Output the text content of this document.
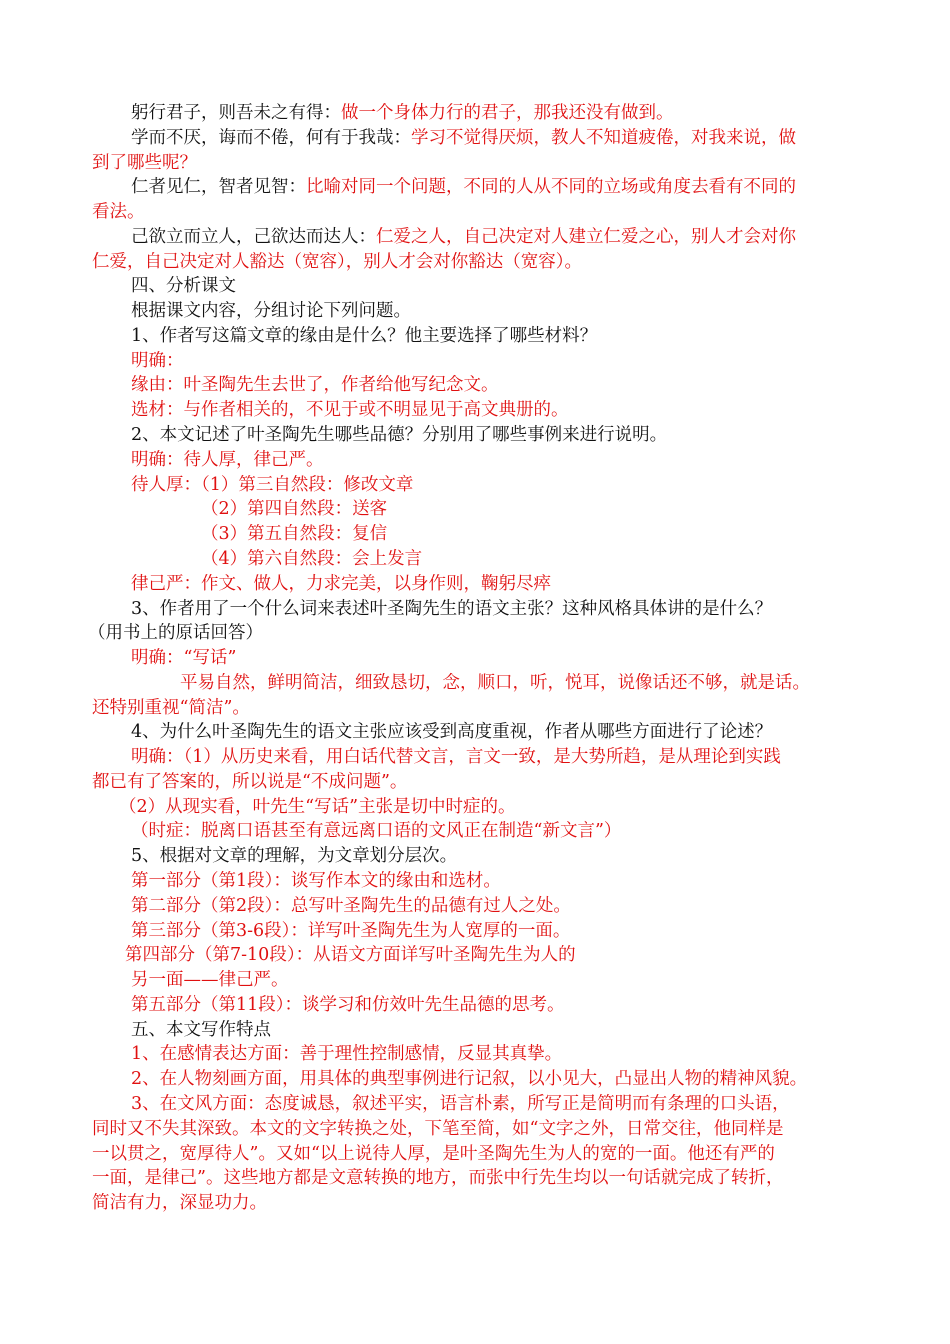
躬行君子，则吾未之有得：做一个身体力行的君子，那我还没有做到。
学而不厌，诲而不倦，何有于我哉：学习不觉得厌烦，教人不知道疲倦，对我来说，做
到了哪些呢？
仁者见仁，智者见智：比喻对同一个问题，不同的人从不同的立场或角度去看有不同的
看法。
己欲立而立人，己欲达而达人：仁爱之人，自己决定对人建立仁爱之心，别人才会对你
仁爱，自己决定对人豁达（宽容），别人才会对你豁达（宽容）。
四、分析课文
根据课文内容，分组讨论下列问题。
1、作者写这篇文章的缘由是什么？他主要选择了哪些材料？
明确：
缘由：叶圣陶先生去世了，作者给他写纪念文。
选材：与作者相关的，不见于或不明显见于高文典册的。
2、本文记述了叶圣陶先生哪些品德？分别用了哪些事例来进行说明。
明确：待人厚，律己严。
待人厚：（1）第三自然段：修改文章
（2）第四自然段：送客
（3）第五自然段：复信
（4）第六自然段：会上发言
律己严：作文、做人，力求完美，以身作则，鞠躬尽瘁
3、作者用了一个什么词来表述叶圣陶先生的语文主张？这种风格具体讲的是什么？
（用书上的原话回答）
明确：“写话”
平易自然，鲜明简洁，细致恳切，念，顺口，听，悦耳，说像话还不够，就是话。
还特别重视“简洁”。
4、为什么叶圣陶先生的语文主张应该受到高度重视，作者从哪些方面进行了论述？
明确：（1）从历史来看，用白话代替文言，言文一致，是大势所趋，是从理论到实践
都已有了答案的，所以说是“不成问题”。
（2）从现实看，叶先生“写话”主张是切中时症的。
（时症：脱离口语甚至有意远离口语的文风正在制造“新文言”）
5、根据对文章的理解，为文章划分层次。
第一部分（第1段）：谈写作本文的缘由和选材。
第二部分（第2段）：总写叶圣陶先生的品德有过人之处。
第三部分（第3-6段）：详写叶圣陶先生为人宽厚的一面。
第四部分（第7-10段）：从语文方面详写叶圣陶先生为人的
另一面——律己严。
第五部分（第11段）：谈学习和仿效叶先生品德的思考。
五、本文写作特点
1、在感情表达方面：善于理性控制感情，反显其真挚。
2、在人物刻画方面，用具体的典型事例进行记叙，以小见大，凸显出人物的精神风貌。
3、在文风方面：态度诚恳，叙述平实，语言朴素，所写正是简明而有条理的口头语，
同时又不失其深致。本文的文字转换之处，下笔至简，如“文字之外，日常交往，他同样是
一以贯之，宽厚待人”。又如“以上说待人厚，是叶圣陶先生为人的宽的一面。他还有严的
一面，是律己”。这些地方都是文意转换的地方，而张中行先生均以一句话就完成了转折，
简洁有力，深显功力。
